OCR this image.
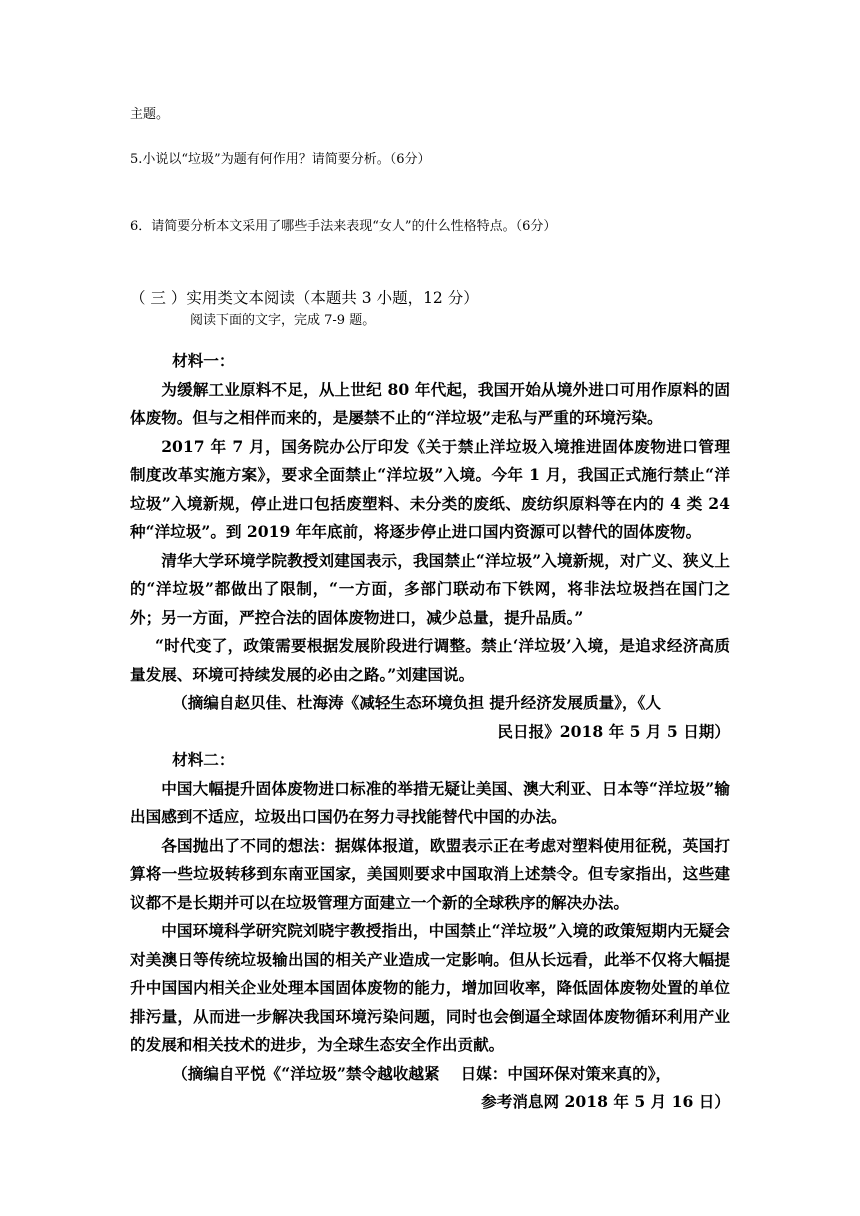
主题。
5.小说以“垃圾”为题有何作用？请简要分析。（6分）
6．请简要分析本文采用了哪些手法来表现“女人”的什么性格特点。（6分）
（ 三 ）实用类文本阅读（本题共 3 小题，12 分）
阅读下面的文字，完成 7-9 题。

材料一：

为缓解工业原料不足，从上世纪 80 年代起，我国开始从境外进口可用作原料的固体废物。但与之相伴而来的，是屡禁不止的“洋垃圾”走私与严重的环境污染。

2017 年 7 月，国务院办公厅印发《关于禁止洋垃圾入境推进固体废物进口管理制度改革实施方案》，要求全面禁止“洋垃圾”入境。今年 1 月，我国正式施行禁止“洋垃圾”入境新规，停止进口包括废塑料、未分类的废纸、废纺织原料等在内的 4 类 24 种“洋垃圾”。到 2019 年年底前，将逐步停止进口国内资源可以替代的固体废物。

清华大学环境学院教授刘建国表示，我国禁止“洋垃圾”入境新规，对广义、狭义上的“洋垃圾”都做出了限制，“一方面，多部门联动布下铁网，将非法垃圾挡在国门之外；另一方面，严控合法的固体废物进口，减少总量，提升品质。”

“时代变了，政策需要根据发展阶段进行调整。禁止‘洋垃圾’入境，是追求经济高质量发展、环境可持续发展的必由之路。”刘建国说。

（摘编自赵贝佳、杜海涛《减轻生态环境负担 提升经济发展质量》，《人

民日报》2018 年 5 月 5 日期）

材料二：

中国大幅提升固体废物进口标准的举措无疑让美国、澳大利亚、日本等“洋垃圾”输出国感到不适应，垃圾出口国仍在努力寻找能替代中国的办法。

各国抛出了不同的想法：据媒体报道，欧盟表示正在考虑对塑料使用征税，英国打算将一些垃圾转移到东南亚国家，美国则要求中国取消上述禁令。但专家指出，这些建议都不是长期并可以在垃圾管理方面建立一个新的全球秩序的解决办法。

中国环境科学研究院刘晓宇教授指出，中国禁止“洋垃圾”入境的政策短期内无疑会对美澳日等传统垃圾输出国的相关产业造成一定影响。但从长远看，此举不仅将大幅提升中国国内相关企业处理本国固体废物的能力，增加回收率，降低固体废物处置的单位排污量，从而进一步解决我国环境污染问题，同时也会倒逼全球固体废物循环利用产业的发展和相关技术的进步，为全球生态安全作出贡献。

（摘编自平悦《“洋垃圾”禁令越收越紧　 日媒：中国环保对策来真的》，

参考消息网 2018 年 5 月 16 日）
